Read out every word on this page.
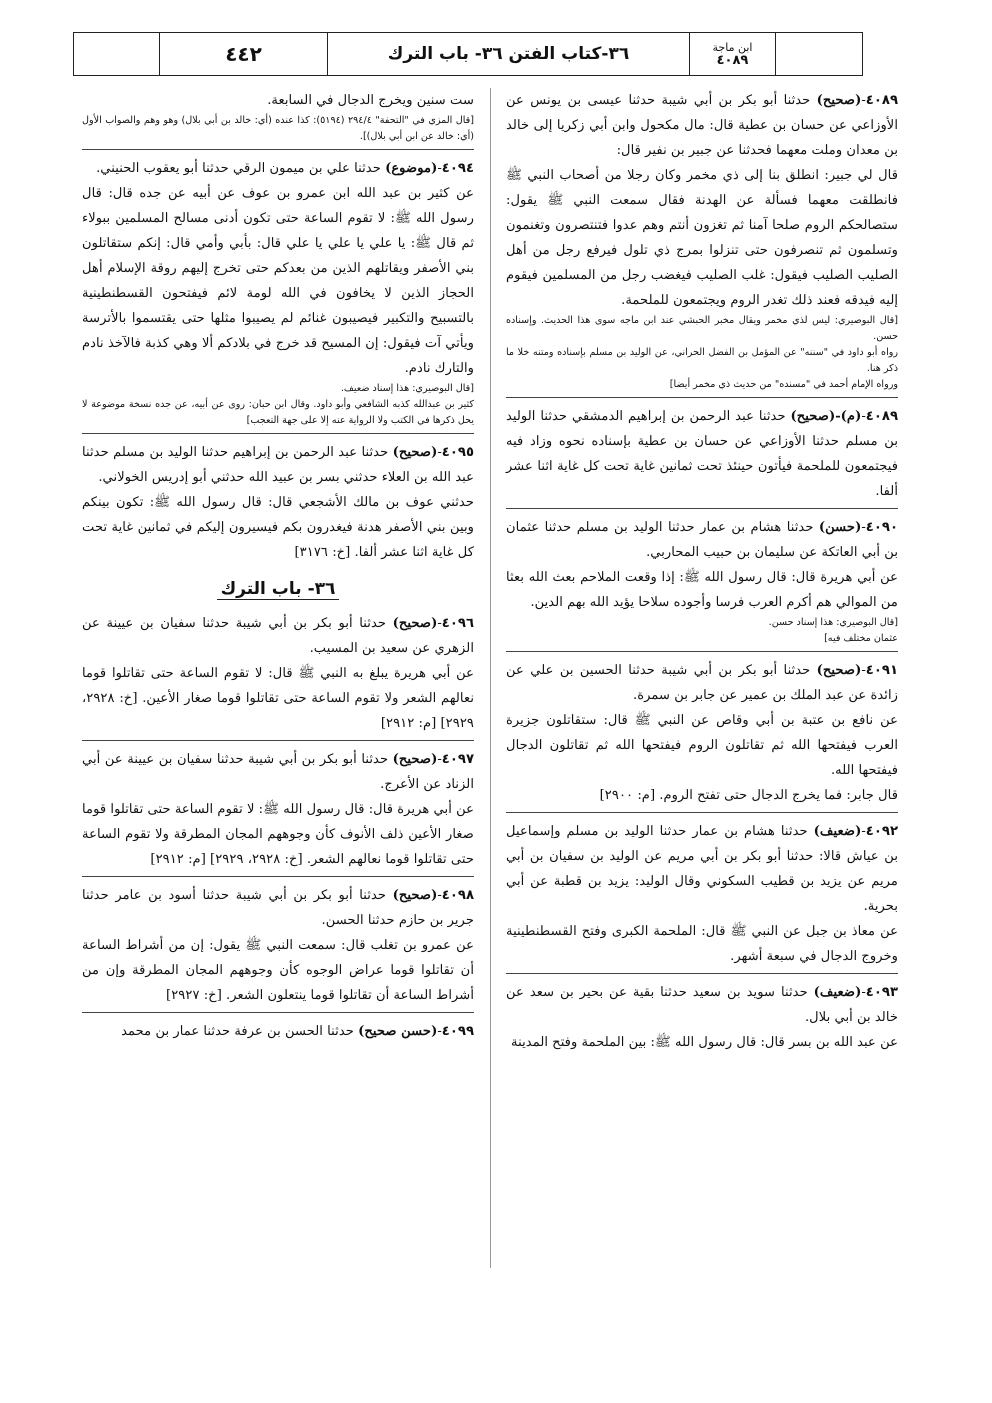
٤٤٢	٣٦-كتاب الفتن ٣٦- باب الترك	ابن ماجة
٤٠٨٩

٤٠٨٩-(صحيح) حدثنا أبو بكر بن أبي شيبة حدثنا عيسى بن يونس عن الأوزاعي عن حسان بن عطية قال: مال مكحول وابن أبي زكريا إلى خالد بن معدان وملت معهما فحدثنا عن جبير بن نفير قال:

قال لي جبير: انطلق بنا إلى ذي مخمر وكان رجلا من أصحاب النبي ﷺ فانطلقت معهما فسألة عن الهدنة فقال سمعت النبي ﷺ يقول: ستصالحكم الروم صلحا آمنا ثم تغزون أنتم وهم عدوا فتنتصرون وتغنمون وتسلمون ثم تنصرفون حتى تنزلوا بمرج ذي تلول فيرفع رجل من أهل الصليب الصليب فيقول: غلب الصليب فيغضب رجل من المسلمين فيقوم إليه فيدقه فعند ذلك تغدر الروم ويجتمعون للملحمة.

[قال البوصيري: ليس لذي مخمر ويقال مخبر الحبشي عند ابن ماجه سوى هذا الحديث. وإسناده حسن.

رواه أبو داود في "سننه" عن المؤمل بن الفضل الحراني، عن الوليد بن مسلم بإسناده ومتنه خلا ما ذكر هنا.

ورواه الإمام أحمد في "مسنده" من حديث ذي مخمر أيضا]

٤٠٨٩-(م)-(صحيح) حدثنا عبد الرحمن بن إبراهيم الدمشقي حدثنا الوليد بن مسلم حدثنا الأوزاعي عن حسان بن عطية بإسناده نحوه وزاد فيه فيجتمعون للملحمة فيأتون حينئذ تحت ثمانين غاية تحت كل غاية اثنا عشر ألفا.

٤٠٩٠-(حسن) حدثنا هشام بن عمار حدثنا الوليد بن مسلم حدثنا عثمان بن أبي العاتكة عن سليمان بن حبيب المحاربي.

عن أبي هريرة قال: قال رسول الله ﷺ: إذا وقعت الملاحم بعث الله بعثا من الموالي هم أكرم العرب فرسا وأجوده سلاحا يؤيد الله بهم الدين.

[قال البوصيري: هذا إسناد حسن.

عثمان مختلف فيه]

٤٠٩١-(صحيح) حدثنا أبو بكر بن أبي شيبة حدثنا الحسين بن علي عن زائدة عن عبد الملك بن عمير عن جابر بن سمرة.

عن نافع بن عتبة بن أبي وقاص عن النبي ﷺ قال: ستقاتلون جزيرة العرب فيفتحها الله ثم تقاتلون الروم فيفتحها الله ثم تقاتلون الدجال فيفتحها الله.

قال جابر: فما يخرج الدجال حتى تفتح الروم. [م: ٢٩٠٠]

٤٠٩٢-(ضعيف) حدثنا هشام بن عمار حدثنا الوليد بن مسلم وإسماعيل بن عياش قالا: حدثنا أبو بكر بن أبي مريم عن الوليد بن سفيان بن أبي مريم عن يزيد بن قطيب السكوني وقال الوليد: يزيد بن قطبة عن أبي بحرية.

عن معاذ بن جبل عن النبي ﷺ قال: الملحمة الكبرى وفتح القسطنطينية وخروج الدجال في سبعة أشهر.

٤٠٩٣-(ضعيف) حدثنا سويد بن سعيد حدثنا بقية عن بحير بن سعد عن خالد بن أبي بلال.

عن عبد الله بن بسر قال: قال رسول الله ﷺ: بين الملحمة وفتح المدينة

ست سنين ويخرج الدجال في السابعة.

[قال المزي في "التحفة" ٢٩٤/٤ (٥١٩٤): كذا عنده (أي: خالد بن أبي بلال) وهو وهم والصواب الأول (أي: خالد عن ابن أبي بلال)].

٤٠٩٤-(موضوع) حدثنا علي بن ميمون الرقي حدثنا أبو يعقوب الحنيني.

عن كثير بن عبد الله ابن عمرو بن عوف عن أبيه عن جده قال: قال رسول الله ﷺ: لا تقوم الساعة حتى تكون أدنى مسالح المسلمين ببولاء ثم قال ﷺ: يا علي يا علي يا علي قال: بأبي وأمي قال: إنكم ستقاتلون بني الأصفر ويقاتلهم الذين من بعدكم حتى تخرج إليهم روقة الإسلام أهل الحجاز الذين لا يخافون في الله لومة لائم فيفتحون القسطنطينية بالتسبيح والتكبير فيصيبون غنائم لم يصيبوا مثلها حتى يقتسموا بالأترسة ويأتي آت فيقول: إن المسيح قد خرج في بلادكم ألا وهي كذبة فالآخذ نادم والتارك نادم.

[قال البوصيري: هذا إسناد ضعيف.

كثير بن عبدالله كذبه الشافعي وأبو داود. وقال ابن حبان: روى عن أبيه، عن جده نسخة موضوعة لا يحل ذكرها في الكتب ولا الرواية عنه إلا على جهة التعجب]

٤٠٩٥-(صحيح) حدثنا عبد الرحمن بن إبراهيم حدثنا الوليد بن مسلم حدثنا عبد الله بن العلاء حدثني بسر بن عبيد الله حدثني أبو إدريس الخولاني.

حدثني عوف بن مالك الأشجعي قال: قال رسول الله ﷺ: تكون بينكم وبين بني الأصفر هدنة فيغدرون بكم فيسيرون إليكم في ثمانين غاية تحت كل غاية اثنا عشر ألفا. [خ: ٣١٧٦]

٣٦- باب الترك

٤٠٩٦-(صحيح) حدثنا أبو بكر بن أبي شيبة حدثنا سفيان بن عيينة عن الزهري عن سعيد بن المسيب.

عن أبي هريرة يبلغ به النبي ﷺ قال: لا تقوم الساعة حتى تقاتلوا قوما نعالهم الشعر ولا تقوم الساعة حتى تقاتلوا قوما صغار الأعين. [خ: ٢٩٢٨، ٢٩٢٩] [م: ٢٩١٢]

٤٠٩٧-(صحيح) حدثنا أبو بكر بن أبي شيبة حدثنا سفيان بن عيينة عن أبي الزناد عن الأعرج.

عن أبي هريرة قال: قال رسول الله ﷺ: لا تقوم الساعة حتى تقاتلوا قوما صغار الأعين ذلف الأنوف كأن وجوههم المجان المطرقة ولا تقوم الساعة حتى تقاتلوا قوما نعالهم الشعر. [خ: ٢٩٢٨، ٢٩٢٩] [م: ٢٩١٢]

٤٠٩٨-(صحيح) حدثنا أبو بكر بن أبي شيبة حدثنا أسود بن عامر حدثنا جرير بن حازم حدثنا الحسن.

عن عمرو بن تغلب قال: سمعت النبي ﷺ يقول: إن من أشراط الساعة أن تقاتلوا قوما عراض الوجوه كأن وجوههم المجان المطرقة وإن من أشراط الساعة أن تقاتلوا قوما ينتعلون الشعر. [خ: ٢٩٢٧]

٤٠٩٩-(حسن صحيح) حدثنا الحسن بن عرفة حدثنا عمار بن محمد
